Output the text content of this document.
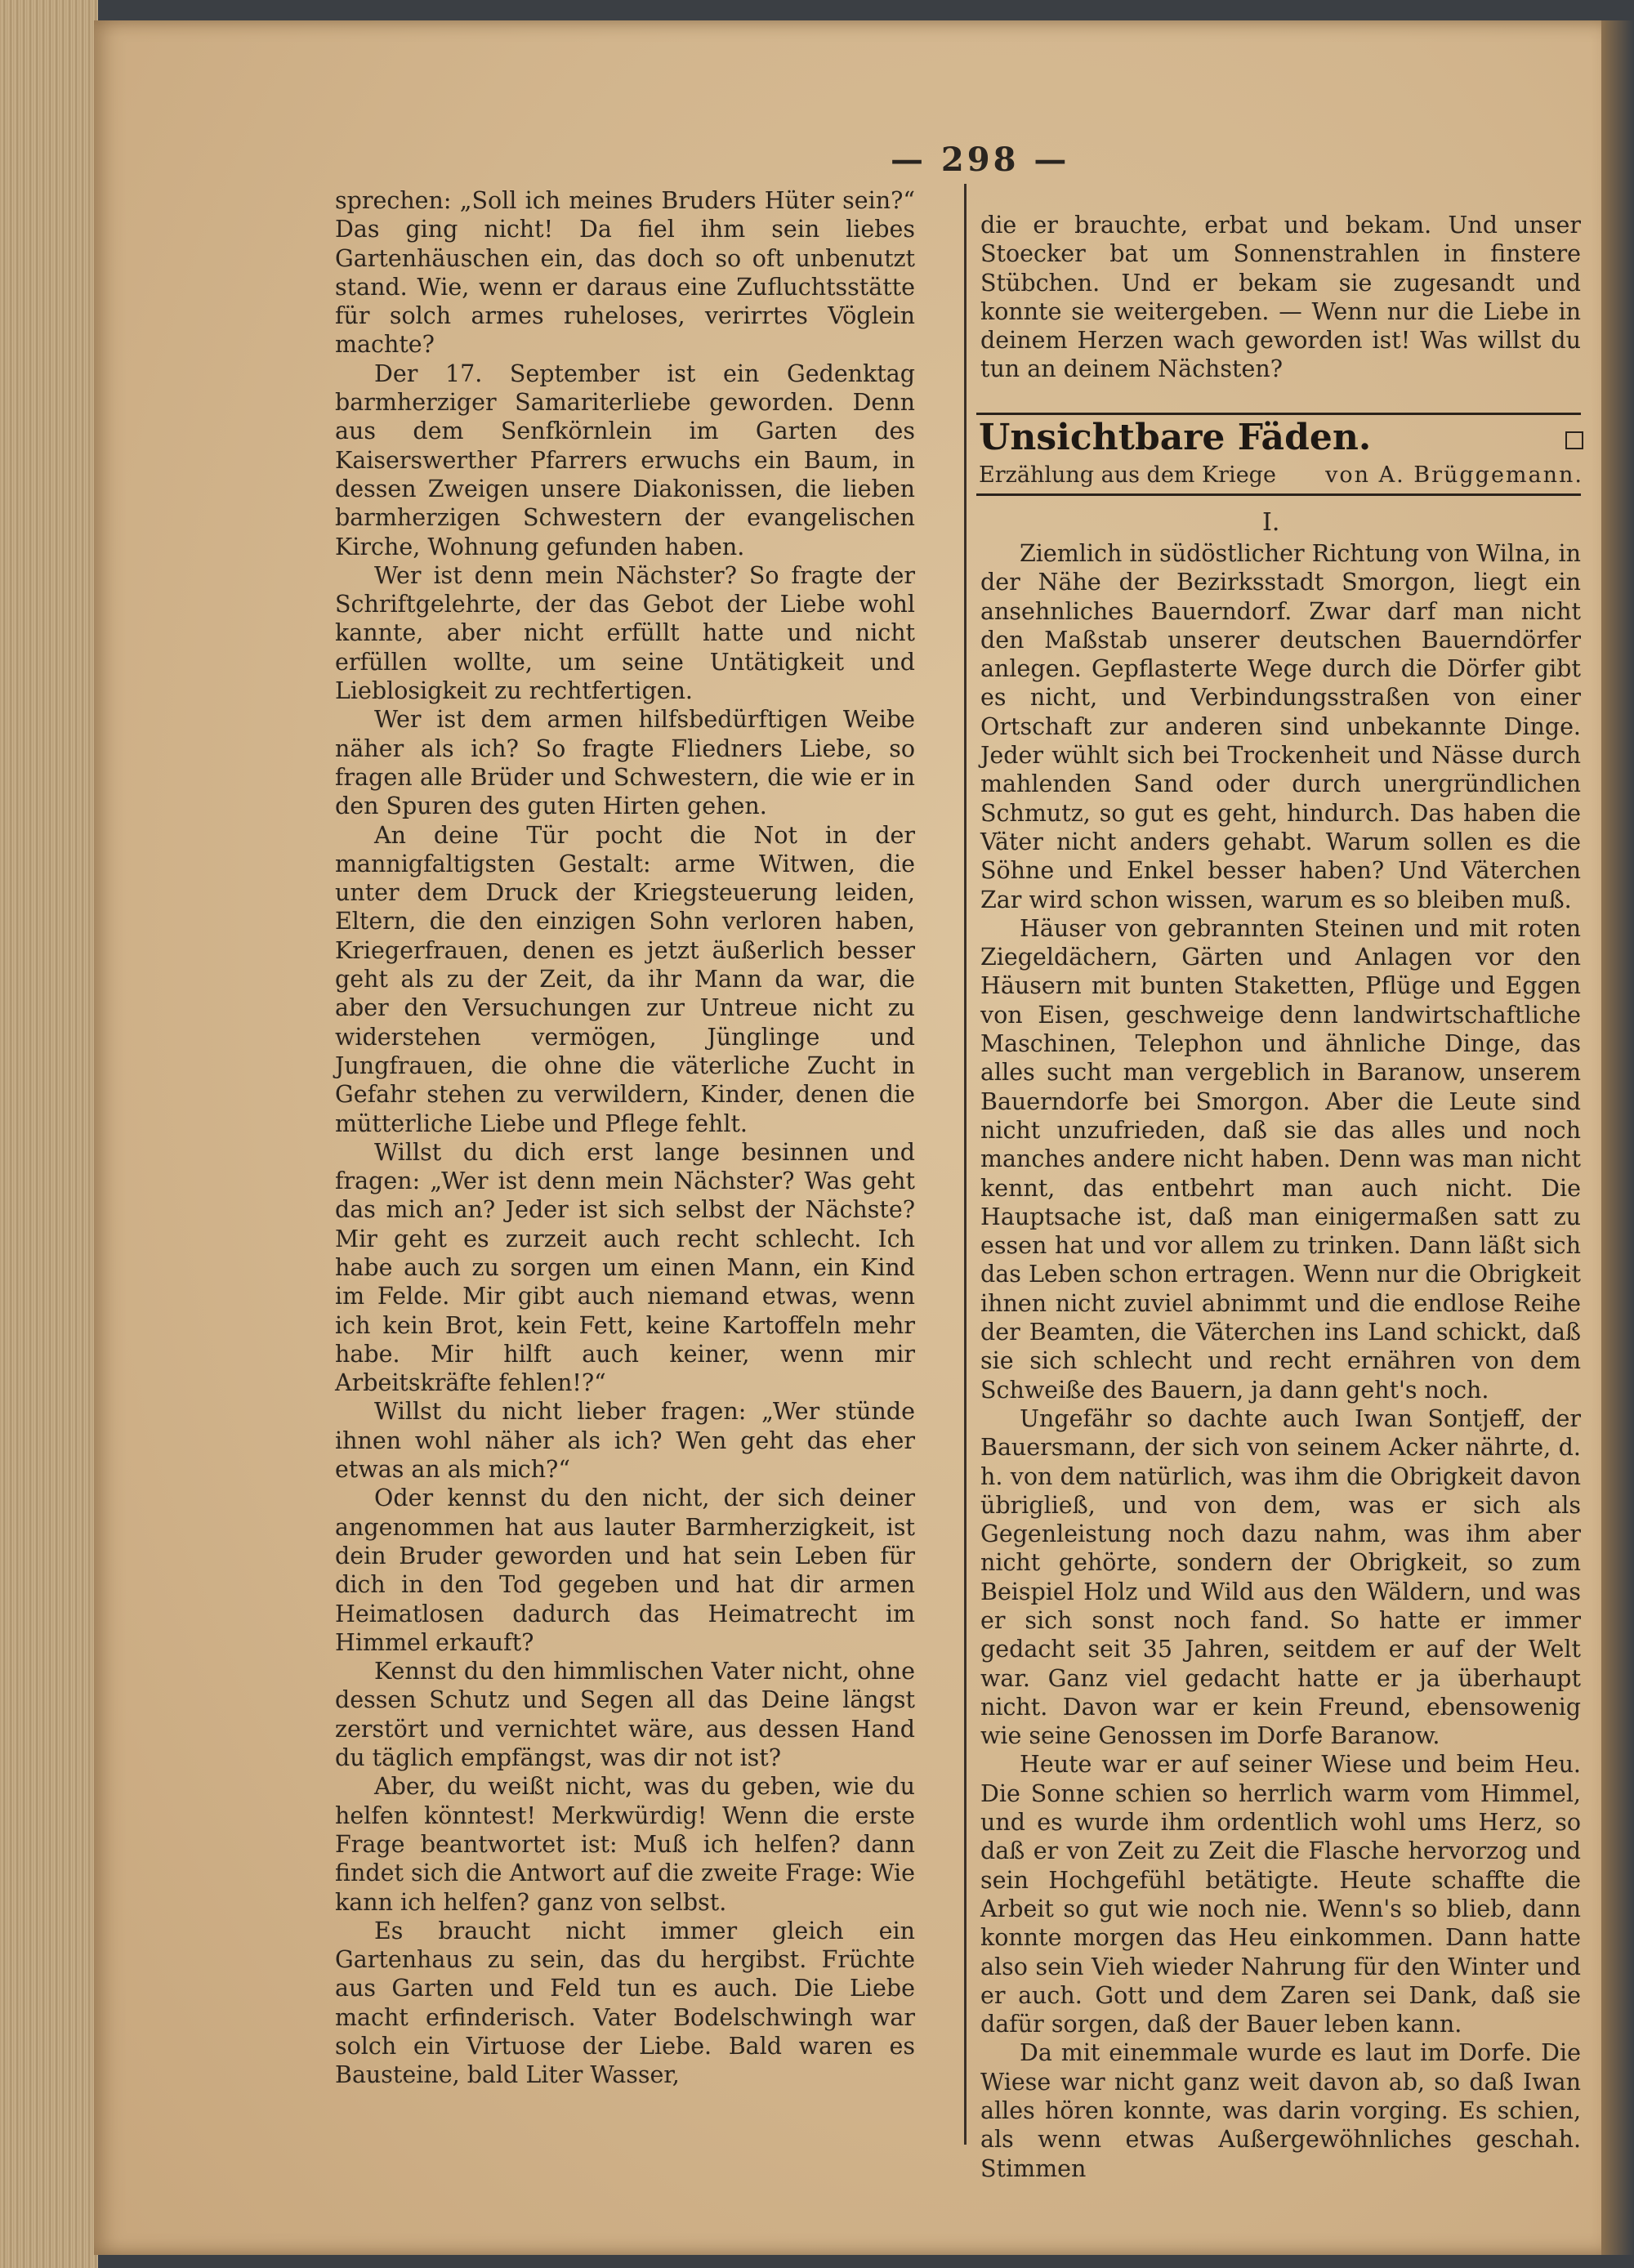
— 298 —

sprechen: „Soll ich meines Bruders Hüter sein?“ Das ging nicht! Da fiel ihm sein liebes Gartenhäuschen ein, das doch so oft unbenutzt stand. Wie, wenn er daraus eine Zufluchtsstätte für solch armes ruheloses, verirrtes Vöglein machte?

Der 17. September ist ein Gedenktag barmherziger Samariterliebe geworden. Denn aus dem Senfkörnlein im Garten des Kaiserswerther Pfarrers erwuchs ein Baum, in dessen Zweigen unsere Diakonissen, die lieben barmherzigen Schwestern der evangelischen Kirche, Wohnung gefunden haben.

Wer ist denn mein Nächster? So fragte der Schriftgelehrte, der das Gebot der Liebe wohl kannte, aber nicht erfüllt hatte und nicht erfüllen wollte, um seine Untätigkeit und Lieblosigkeit zu rechtfertigen.

Wer ist dem armen hilfsbedürftigen Weibe näher als ich? So fragte Fliedners Liebe, so fragen alle Brüder und Schwestern, die wie er in den Spuren des guten Hirten gehen.

An deine Tür pocht die Not in der mannigfaltigsten Gestalt: arme Witwen, die unter dem Druck der Kriegsteuerung leiden, Eltern, die den einzigen Sohn verloren haben, Kriegerfrauen, denen es jetzt äußerlich besser geht als zu der Zeit, da ihr Mann da war, die aber den Versuchungen zur Untreue nicht zu widerstehen vermögen, Jünglinge und Jungfrauen, die ohne die väterliche Zucht in Gefahr stehen zu verwildern, Kinder, denen die mütterliche Liebe und Pflege fehlt.

Willst du dich erst lange besinnen und fragen: „Wer ist denn mein Nächster? Was geht das mich an? Jeder ist sich selbst der Nächste? Mir geht es zurzeit auch recht schlecht. Ich habe auch zu sorgen um einen Mann, ein Kind im Felde. Mir gibt auch niemand etwas, wenn ich kein Brot, kein Fett, keine Kartoffeln mehr habe. Mir hilft auch keiner, wenn mir Arbeitskräfte fehlen!?“

Willst du nicht lieber fragen: „Wer stünde ihnen wohl näher als ich? Wen geht das eher etwas an als mich?“

Oder kennst du den nicht, der sich deiner angenommen hat aus lauter Barmherzigkeit, ist dein Bruder geworden und hat sein Leben für dich in den Tod gegeben und hat dir armen Heimatlosen dadurch das Heimatrecht im Himmel erkauft?

Kennst du den himmlischen Vater nicht, ohne dessen Schutz und Segen all das Deine längst zerstört und vernichtet wäre, aus dessen Hand du täglich empfängst, was dir not ist?

Aber, du weißt nicht, was du geben, wie du helfen könntest! Merkwürdig! Wenn die erste Frage beantwortet ist: Muß ich helfen? dann findet sich die Antwort auf die zweite Frage: Wie kann ich helfen? ganz von selbst.

Es braucht nicht immer gleich ein Gartenhaus zu sein, das du hergibst. Früchte aus Garten und Feld tun es auch. Die Liebe macht erfinderisch. Vater Bodelschwingh war solch ein Virtuose der Liebe. Bald waren es Bausteine, bald Liter Wasser,

die er brauchte, erbat und bekam. Und unser Stoecker bat um Sonnenstrahlen in finstere Stübchen. Und er bekam sie zugesandt und konnte sie weitergeben. — Wenn nur die Liebe in deinem Herzen wach geworden ist! Was willst du tun an deinem Nächsten?

Unsichtbare Fäden.
Erzählung aus dem Kriege von A. Brüggemann.
I.

Ziemlich in südöstlicher Richtung von Wilna, in der Nähe der Bezirksstadt Smorgon, liegt ein ansehnliches Bauerndorf. Zwar darf man nicht den Maßstab unserer deutschen Bauerndörfer anlegen. Gepflasterte Wege durch die Dörfer gibt es nicht, und Verbindungsstraßen von einer Ortschaft zur anderen sind unbekannte Dinge. Jeder wühlt sich bei Trockenheit und Nässe durch mahlenden Sand oder durch unergründlichen Schmutz, so gut es geht, hindurch. Das haben die Väter nicht anders gehabt. Warum sollen es die Söhne und Enkel besser haben? Und Väterchen Zar wird schon wissen, warum es so bleiben muß.

Häuser von gebrannten Steinen und mit roten Ziegeldächern, Gärten und Anlagen vor den Häusern mit bunten Staketten, Pflüge und Eggen von Eisen, geschweige denn landwirtschaftliche Maschinen, Telephon und ähnliche Dinge, das alles sucht man vergeblich in Baranow, unserem Bauerndorfe bei Smorgon. Aber die Leute sind nicht unzufrieden, daß sie das alles und noch manches andere nicht haben. Denn was man nicht kennt, das entbehrt man auch nicht. Die Hauptsache ist, daß man einigermaßen satt zu essen hat und vor allem zu trinken. Dann läßt sich das Leben schon ertragen. Wenn nur die Obrigkeit ihnen nicht zuviel abnimmt und die endlose Reihe der Beamten, die Väterchen ins Land schickt, daß sie sich schlecht und recht ernähren von dem Schweiße des Bauern, ja dann geht's noch.

Ungefähr so dachte auch Iwan Sontjeff, der Bauersmann, der sich von seinem Acker nährte, d. h. von dem natürlich, was ihm die Obrigkeit davon übrigließ, und von dem, was er sich als Gegenleistung noch dazu nahm, was ihm aber nicht gehörte, sondern der Obrigkeit, so zum Beispiel Holz und Wild aus den Wäldern, und was er sich sonst noch fand. So hatte er immer gedacht seit 35 Jahren, seitdem er auf der Welt war. Ganz viel gedacht hatte er ja überhaupt nicht. Davon war er kein Freund, ebensowenig wie seine Genossen im Dorfe Baranow.

Heute war er auf seiner Wiese und beim Heu. Die Sonne schien so herrlich warm vom Himmel, und es wurde ihm ordentlich wohl ums Herz, so daß er von Zeit zu Zeit die Flasche hervorzog und sein Hochgefühl betätigte. Heute schaffte die Arbeit so gut wie noch nie. Wenn's so blieb, dann konnte morgen das Heu einkommen. Dann hatte also sein Vieh wieder Nahrung für den Winter und er auch. Gott und dem Zaren sei Dank, daß sie dafür sorgen, daß der Bauer leben kann.

Da mit einemmale wurde es laut im Dorfe. Die Wiese war nicht ganz weit davon ab, so daß Iwan alles hören konnte, was darin vorging. Es schien, als wenn etwas Außergewöhnliches geschah. Stimmen
